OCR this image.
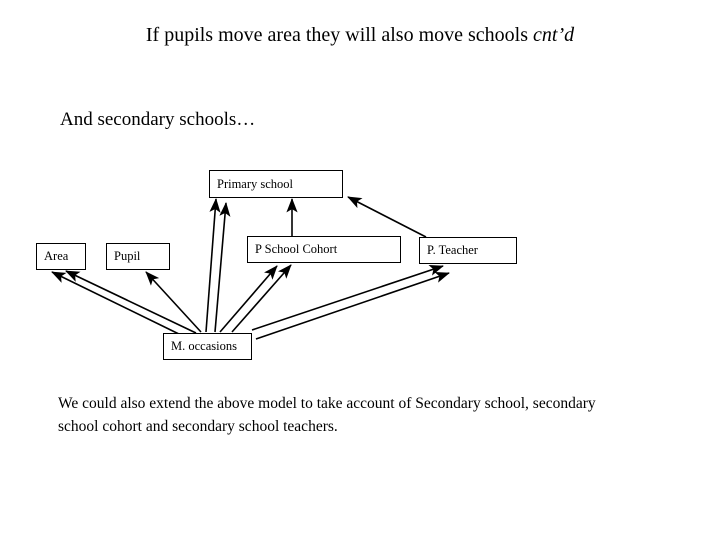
If pupils move area they will also move schools cnt’d
And secondary schools…
Primary school
Area	Pupil	P School Cohort	P. Teacher
M. occasions
We could also extend the above model to take account of Secondary school, secondary school cohort and secondary school teachers.
